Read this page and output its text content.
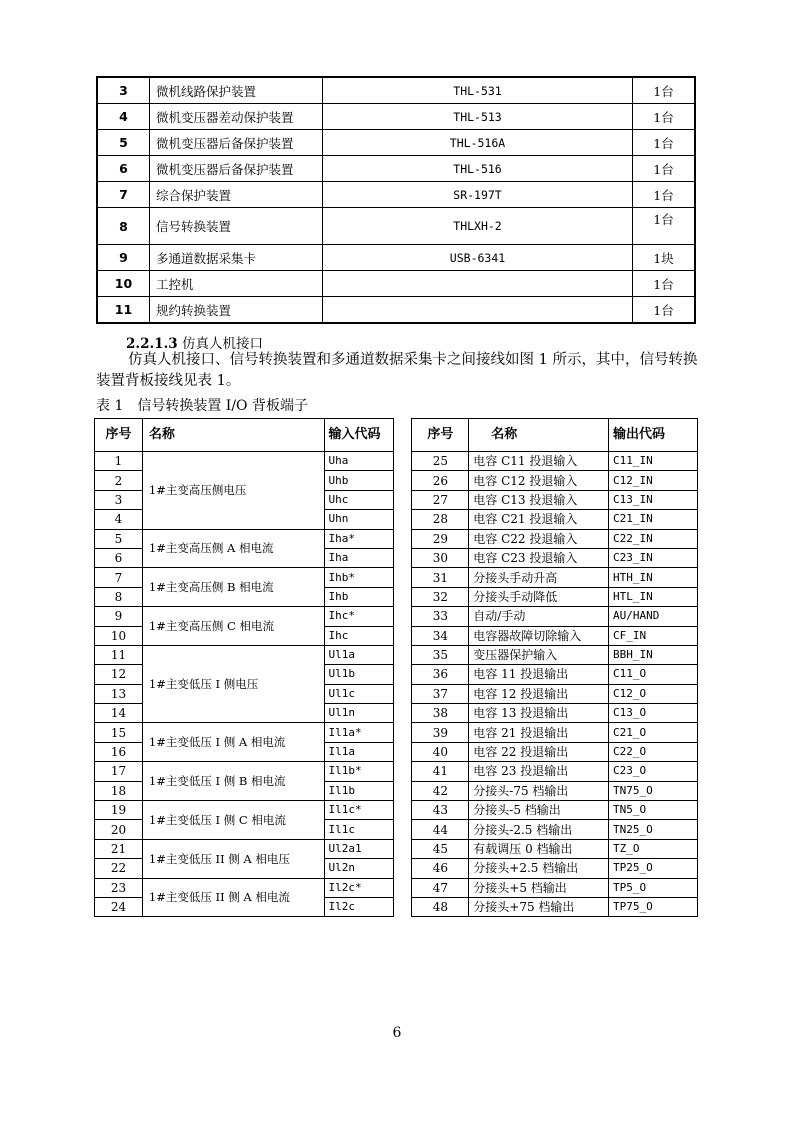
3	微机线路保护装置	THL-531	1台
4	微机变压器差动保护装置	THL-513	1台
5	微机变压器后备保护装置	THL-516A	1台
6	微机变压器后备保护装置	THL-516	1台
7	综合保护装置	SR-197T	1台
8	信号转换装置	THLXH-2	1台
9	多通道数据采集卡	USB-6341	1块
10	工控机		1台
11	规约转换装置		1台
2.2.1.3 仿真人机接口
仿真人机接口、信号转换装置和多通道数据采集卡之间接线如图 1 所示，其中，信号转换装置背板接线见表 1。
表 1　信号转换装置 I/O 背板端子
序号	名称	输入代码		序号	名称	输出代码
1	1#主变高压侧电压	Uha		25	电容 C11 投退输入	C11_IN
2		Uhb		26	电容 C12 投退输入	C12_IN
3		Uhc		27	电容 C13 投退输入	C13_IN
4		Uhn		28	电容 C21 投退输入	C21_IN
5	1#主变高压侧 A 相电流	Iha*		29	电容 C22 投退输入	C22_IN
6		Iha		30	电容 C23 投退输入	C23_IN
7	1#主变高压侧 B 相电流	Ihb*		31	分接头手动升高	HTH_IN
8		Ihb		32	分接头手动降低	HTL_IN
9	1#主变高压侧 C 相电流	Ihc*		33	自动/手动	AU/HAND
10		Ihc		34	电容器故障切除输入	CF_IN
11	1#主变低压 I 侧电压	Ul1a		35	变压器保护输入	BBH_IN
12		Ul1b		36	电容 11 投退输出	C11_O
13		Ul1c		37	电容 12 投退输出	C12_O
14		Ul1n		38	电容 13 投退输出	C13_O
15	1#主变低压 I 侧 A 相电流	Il1a*		39	电容 21 投退输出	C21_O
16		Il1a		40	电容 22 投退输出	C22_O
17	1#主变低压 I 侧 B 相电流	Il1b*		41	电容 23 投退输出	C23_O
18		Il1b		42	分接头-75 档输出	TN75_O
19	1#主变低压 I 侧 C 相电流	Il1c*		43	分接头-5 档输出	TN5_O
20		Il1c		44	分接头-2.5 档输出	TN25_O
21	1#主变低压 II 侧 A 相电压	Ul2a1		45	有载调压 0 档输出	TZ_O
22		Ul2n		46	分接头+2.5 档输出	TP25_O
23	1#主变低压 II 侧 A 相电流	Il2c*		47	分接头+5 档输出	TP5_O
24		Il2c		48	分接头+75 档输出	TP75_O
6
